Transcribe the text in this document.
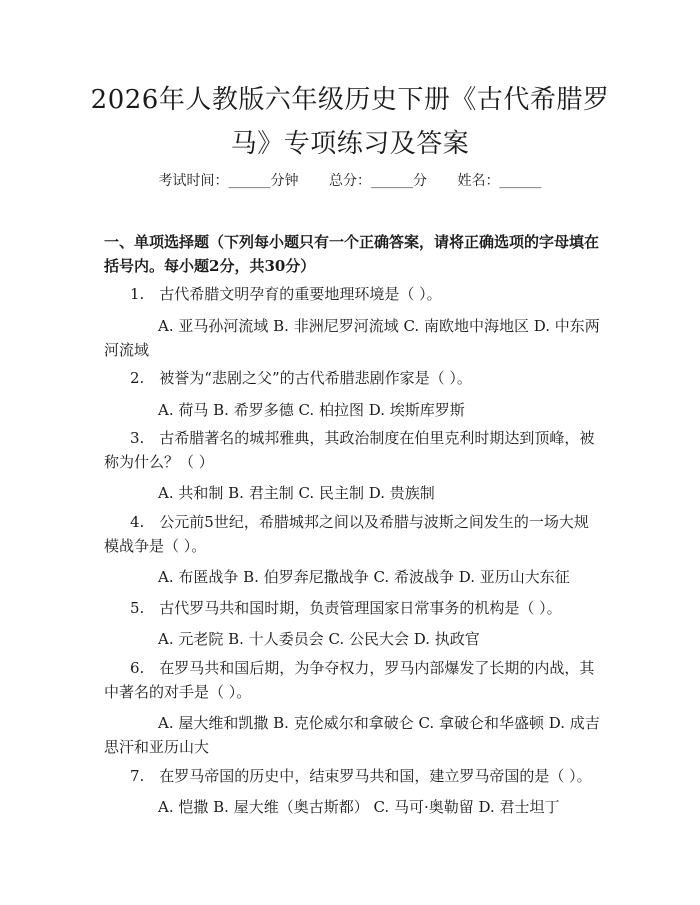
2026年人教版六年级历史下册《古代希腊罗
马》专项练习及答案
考试时间：______分钟 总分：______分 姓名：______
一、单项选择题（下列每小题只有一个正确答案，请将正确选项的字母填在括号内。每小题2分，共30分）
1.　古代希腊文明孕育的重要地理环境是（ ）。
A. 亚马孙河流域 B. 非洲尼罗河流域 C. 南欧地中海地区 D. 中东两河流域
2.　被誉为“悲剧之父”的古代希腊悲剧作家是（ ）。
A. 荷马 B. 希罗多德 C. 柏拉图 D. 埃斯库罗斯
3.　古希腊著名的城邦雅典，其政治制度在伯里克利时期达到顶峰，被称为什么？（ ）
A. 共和制 B. 君主制 C. 民主制 D. 贵族制
4.　公元前5世纪，希腊城邦之间以及希腊与波斯之间发生的一场大规模战争是（ ）。
A. 布匿战争 B. 伯罗奔尼撒战争 C. 希波战争 D. 亚历山大东征
5.　古代罗马共和国时期，负责管理国家日常事务的机构是（ ）。
A. 元老院 B. 十人委员会 C. 公民大会 D. 执政官
6.　在罗马共和国后期，为争夺权力，罗马内部爆发了长期的内战，其中著名的对手是（ ）。
A. 屋大维和凯撒 B. 克伦威尔和拿破仑 C. 拿破仑和华盛顿 D. 成吉思汗和亚历山大
7.　在罗马帝国的历史中，结束罗马共和国，建立罗马帝国的是（ ）。
A. 恺撒 B. 屋大维（奥古斯都） C. 马可·奥勒留 D. 君士坦丁
